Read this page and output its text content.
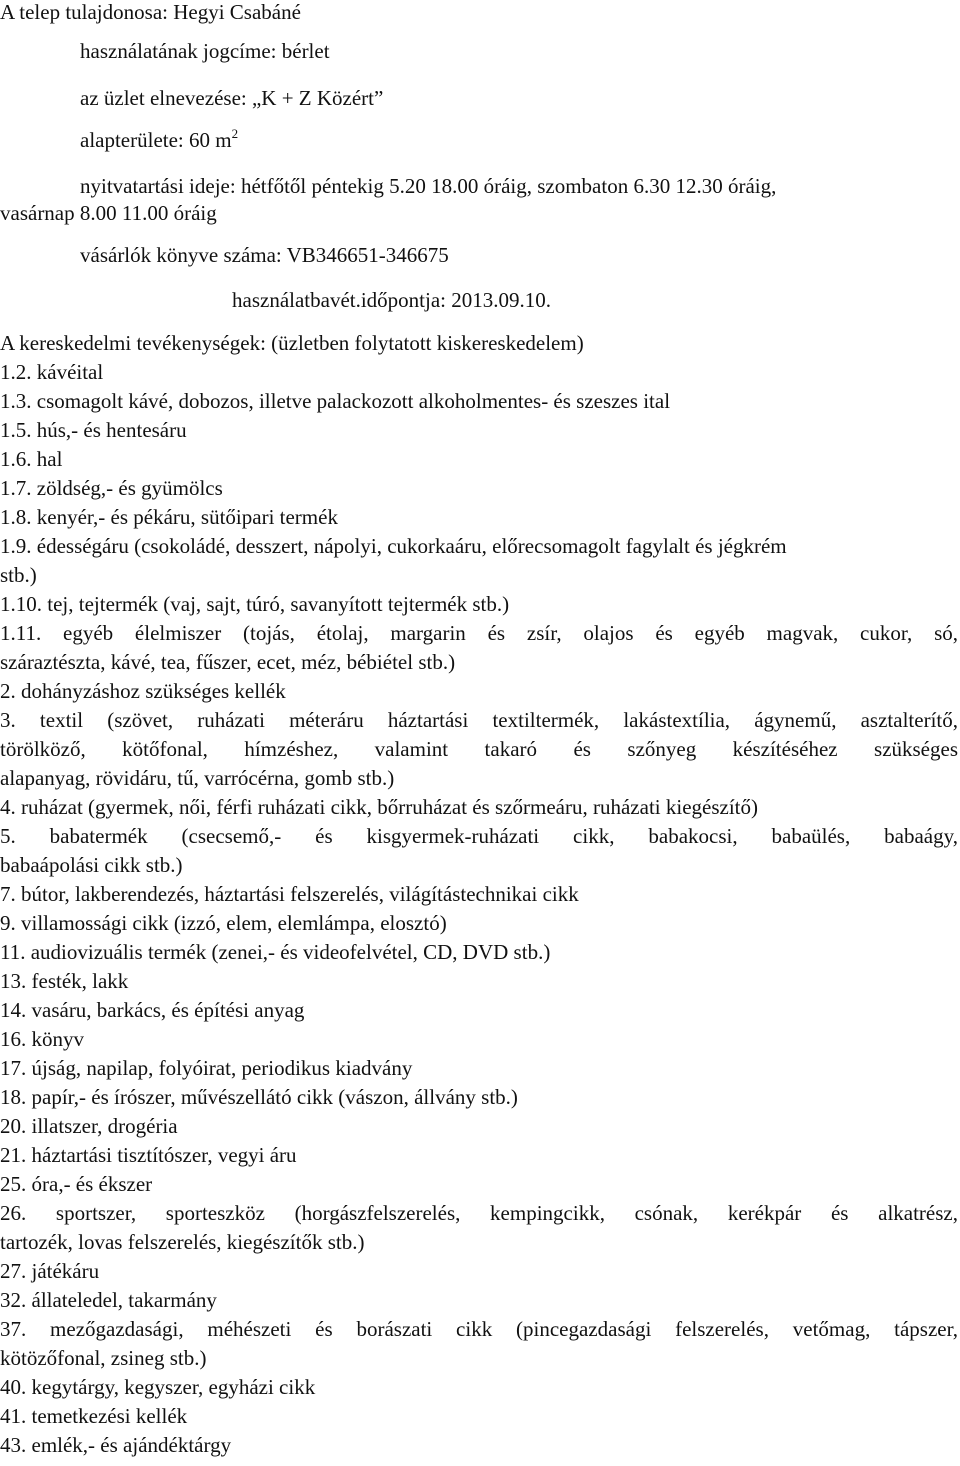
A telep tulajdonosa: Hegyi Csabáné
használatának jogcíme: bérlet
az üzlet elnevezése: „K + Z Közért”
alapterülete: 60 $m^2$
nyitvatartási ideje: hétfőtől péntekig 5.20 18.00 óráig, szombaton 6.30 12.30 óráig,
vasárnap 8.00 11.00 óráig
vásárlók könyve száma: VB346651-346675
használatbavét.időpontja: 2013.09.10.
A kereskedelmi tevékenységek: (üzletben folytatott kiskereskedelem)
1.2. kávéital
1.3. csomagolt kávé, dobozos, illetve palackozott alkoholmentes- és szeszes ital
1.5. hús,- és hentesáru
1.6. hal
1.7. zöldség,- és gyümölcs
1.8. kenyér,- és pékáru, sütőipari termék
1.9. édességáru (csokoládé, desszert, nápolyi, cukorkaáru, előrecsomagolt fagylalt és jégkrém
stb.)
1.10. tej, tejtermék (vaj, sajt, túró, savanyított tejtermék stb.)
1.11. egyéb élelmiszer (tojás, étolaj, margarin és zsír, olajos és egyéb magvak, cukor, só,
száraztészta, kávé, tea, fűszer, ecet, méz, bébiétel stb.)
2. dohányzáshoz szükséges kellék
3. textil (szövet, ruházati méteráru háztartási textiltermék, lakástextília, ágynemű, asztalterítő,
törölköző, kötőfonal, hímzéshez, valamint takaró és szőnyeg készítéséhez szükséges
alapanyag, rövidáru, tű, varrócérna, gomb stb.)
4. ruházat (gyermek, női, férfi ruházati cikk, bőrruházat és szőrmeáru, ruházati kiegészítő)
5. babatermék (csecsemő,- és kisgyermek-ruházati cikk, babakocsi, babaülés, babaágy,
babaápolási cikk stb.)
7. bútor, lakberendezés, háztartási felszerelés, világítástechnikai cikk
9. villamossági cikk (izzó, elem, elemlámpa, elosztó)
11. audiovizuális termék (zenei,- és videofelvétel, CD, DVD stb.)
13. festék, lakk
14. vasáru, barkács, és építési anyag
16. könyv
17. újság, napilap, folyóirat, periodikus kiadvány
18. papír,- és írószer, művészellátó cikk (vászon, állvány stb.)
20. illatszer, drogéria
21. háztartási tisztítószer, vegyi áru
25. óra,- és ékszer
26. sportszer, sporteszköz (horgászfelszerelés, kempingcikk, csónak, kerékpár és alkatrész,
tartozék, lovas felszerelés, kiegészítők stb.)
27. játékáru
32. állateledel, takarmány
37. mezőgazdasági, méhészeti és borászati cikk (pincegazdasági felszerelés, vetőmag, tápszer,
kötözőfonal, zsineg stb.)
40. kegytárgy, kegyszer, egyházi cikk
41. temetkezési kellék
43. emlék,- és ajándéktárgy
